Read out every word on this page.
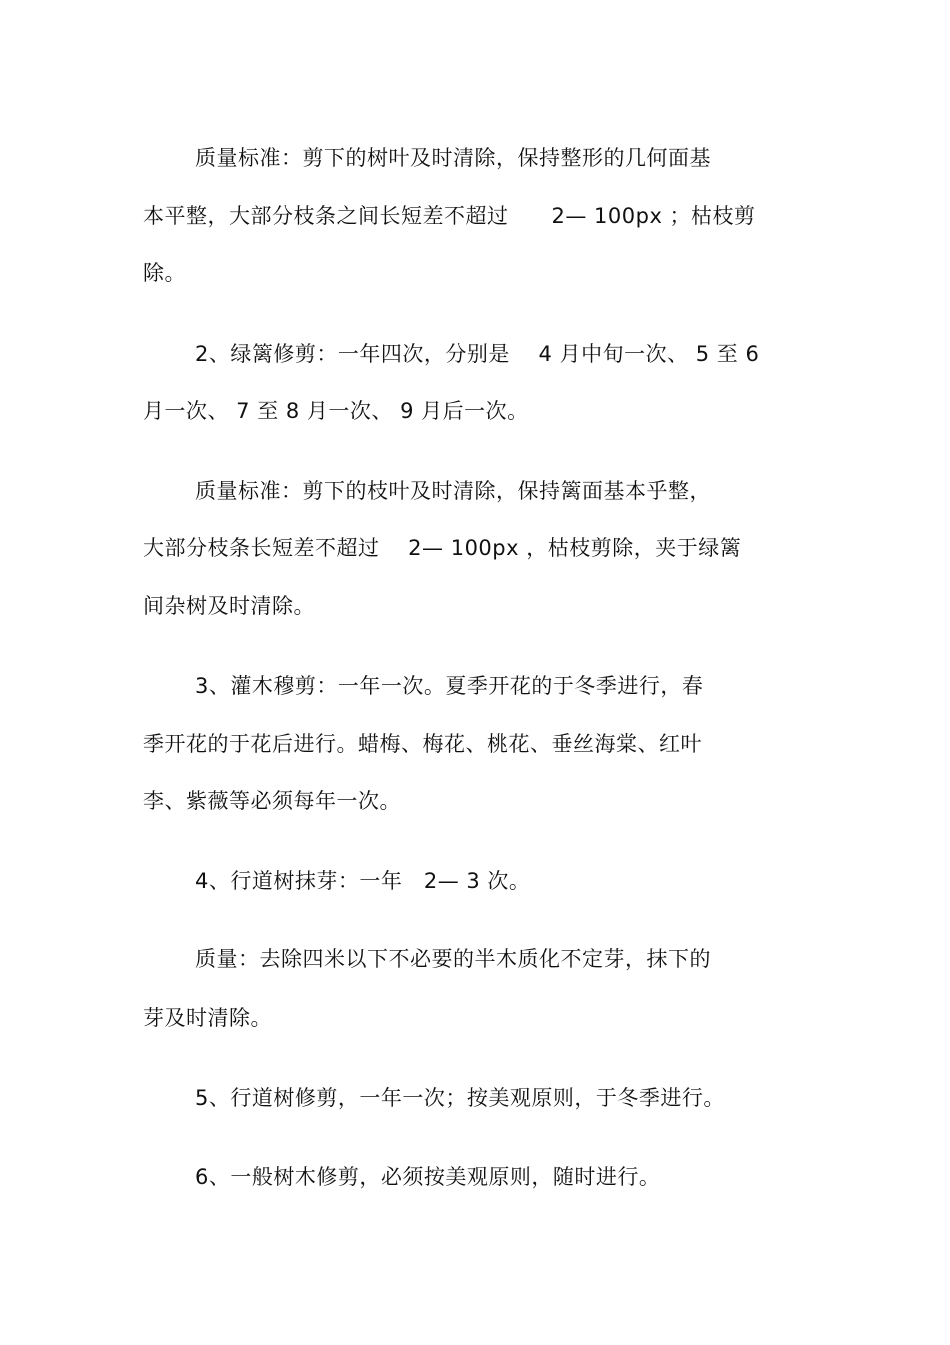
质量标准：剪下的树叶及时清除，保持整形的几何面基
本平整，大部分枝条之间长短差不超过　　2— 100px ；枯枝剪
除。
2、绿篱修剪：一年四次，分别是　 4 月中旬一次、 5 至 6
月一次、 7 至 8 月一次、 9 月后一次。
质量标准：剪下的枝叶及时清除，保持篱面基本乎整，
大部分枝条长短差不超过　 2— 100px ，枯枝剪除，夹于绿篱
间杂树及时清除。
3、灌木穆剪：一年一次。夏季开花的于冬季进行，春
季开花的于花后进行。蜡梅、梅花、桃花、垂丝海棠、红叶
李、紫薇等必须每年一次。
4、行道树抹芽：一年　2— 3 次。
质量：去除四米以下不必要的半木质化不定芽，抹下的
芽及时清除。
5、行道树修剪，一年一次；按美观原则，于冬季进行。
6、一般树木修剪，必须按美观原则，随时进行。
